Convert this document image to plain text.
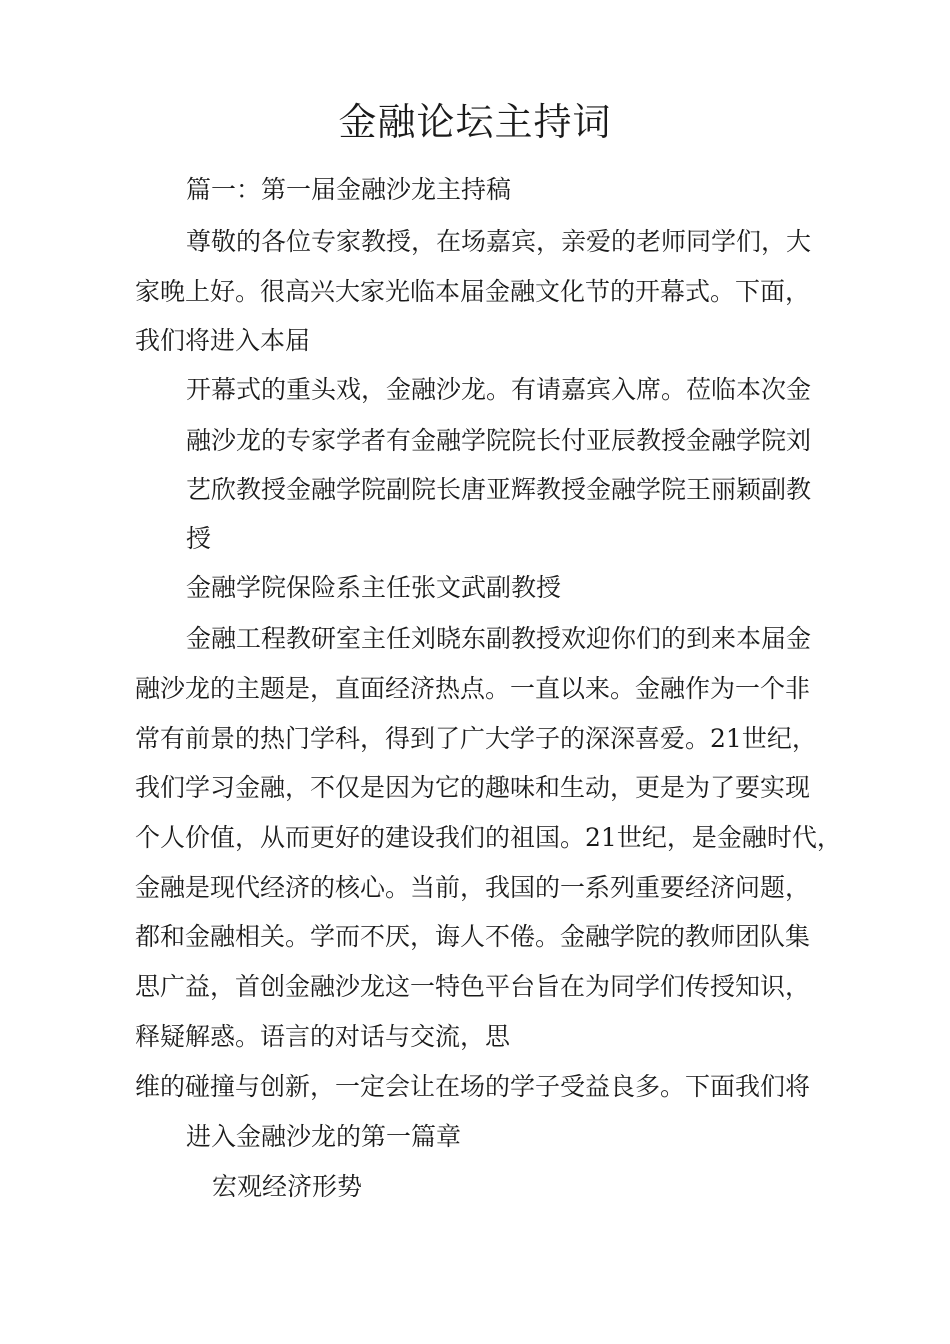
金融论坛主持词

篇一：第一届金融沙龙主持稿

尊敬的各位专家教授，在场嘉宾，亲爱的老师同学们，大

家晚上好。很高兴大家光临本届金融文化节的开幕式。下面，

我们将进入本届

开幕式的重头戏，金融沙龙。有请嘉宾入席。莅临本次金

融沙龙的专家学者有金融学院院长付亚辰教授金融学院刘

艺欣教授金融学院副院长唐亚辉教授金融学院王丽颖副教

授

金融学院保险系主任张文武副教授

金融工程教研室主任刘晓东副教授欢迎你们的到来本届金

融沙龙的主题是，直面经济热点。一直以来。金融作为一个非

常有前景的热门学科，得到了广大学子的深深喜爱。21世纪，

我们学习金融，不仅是因为它的趣味和生动，更是为了要实现

个人价值，从而更好的建设我们的祖国。21世纪，是金融时代，

金融是现代经济的核心。当前，我国的一系列重要经济问题，

都和金融相关。学而不厌，诲人不倦。金融学院的教师团队集

思广益，首创金融沙龙这一特色平台旨在为同学们传授知识，

释疑解惑。语言的对话与交流，思

维的碰撞与创新，一定会让在场的学子受益良多。下面我们将

进入金融沙龙的第一篇章

宏观经济形势
